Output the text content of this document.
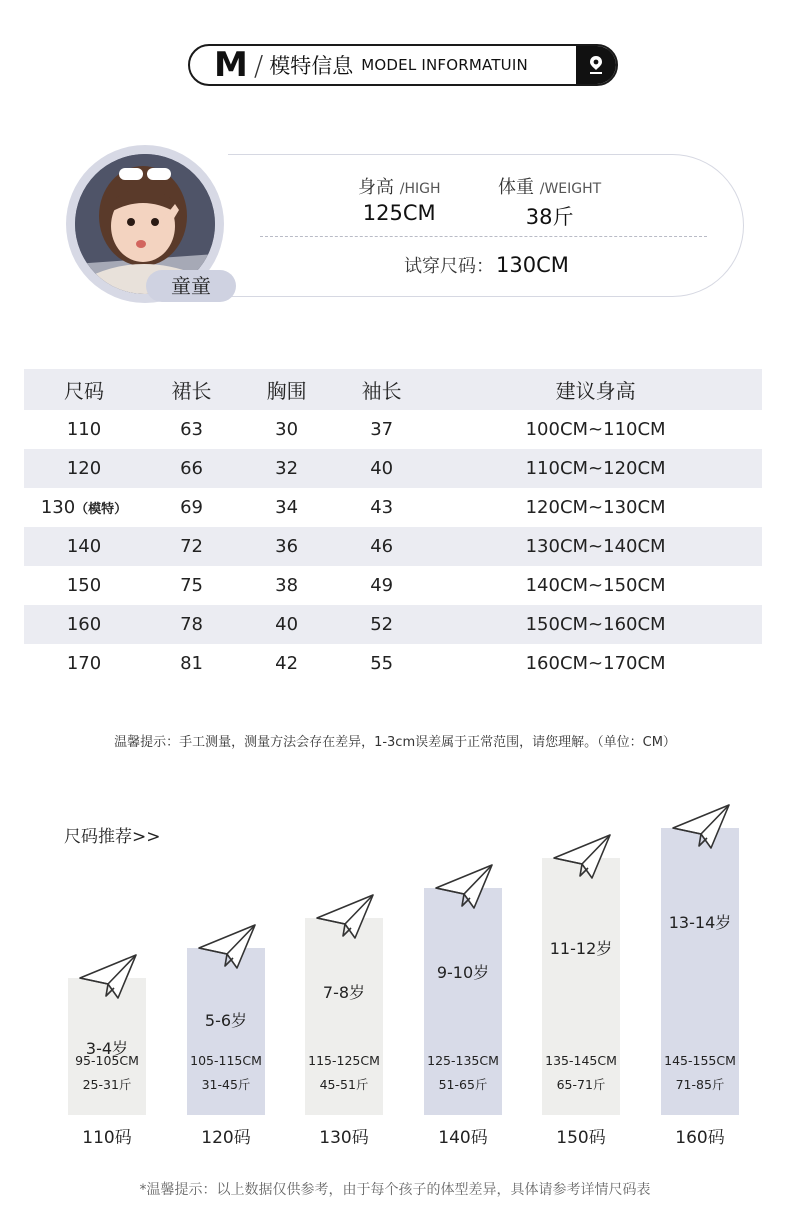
M / 模特信息 MODEL INFORMATUIN
身高 /HIGH
125CM
体重 /WEIGHT
38斤
试穿尺码：130CM
童童
尺码	裙长	胸围	袖长	建议身高
110	63	30	37	100CM~110CM
120	66	32	40	110CM~120CM
130（模特）	69	34	43	120CM~130CM
140	72	36	46	130CM~140CM
150	75	38	49	140CM~150CM
160	78	40	52	150CM~160CM
170	81	42	55	160CM~170CM
温馨提示：手工测量，测量方法会存在差异，1-3cm误差属于正常范围，请您理解。（单位：CM）
尺码推荐>>
3-4岁
95-105CM
25-31斤
110码
5-6岁
105-115CM
31-45斤
120码
7-8岁
115-125CM
45-51斤
130码
9-10岁
125-135CM
51-65斤
140码
11-12岁
135-145CM
65-71斤
150码
13-14岁
145-155CM
71-85斤
160码
*温馨提示：以上数据仅供参考，由于每个孩子的体型差异，具体请参考详情尺码表
